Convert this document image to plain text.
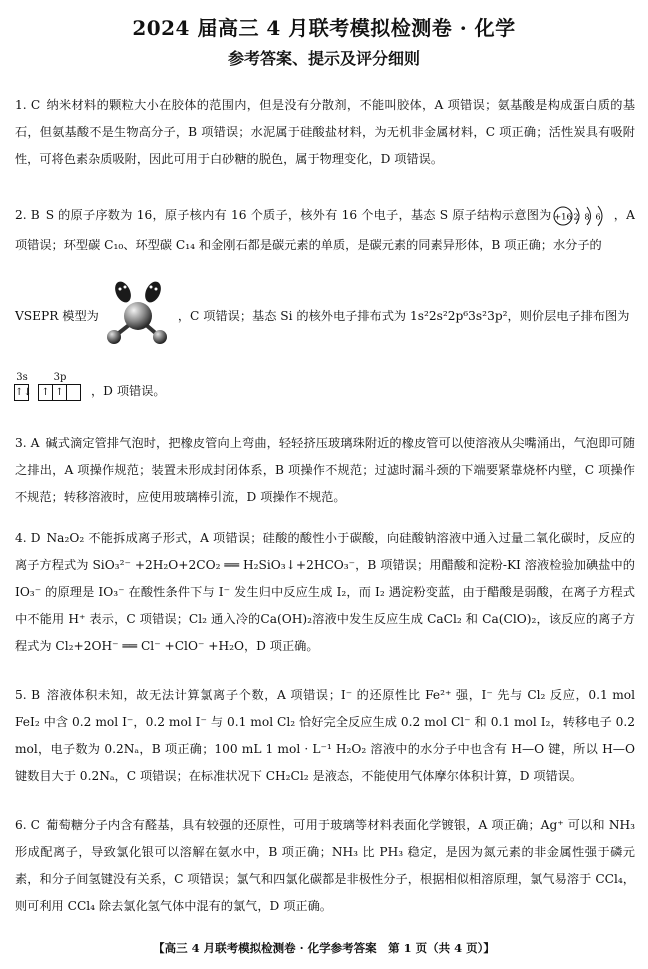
2024 届高三 4 月联考模拟检测卷 · 化学
参考答案、提示及评分细则

1. C 纳米材料的颗粒大小在胶体的范围内，但是没有分散剂，不能叫胶体，A 项错误；氨基酸是构成蛋白质的基石，但氨基酸不是生物高分子，B 项错误；水泥属于硅酸盐材料，为无机非金属材料，C 项正确；活性炭具有吸附性，可将色素杂质吸附，因此可用于白砂糖的脱色，属于物理变化，D 项错误。

2. B S 的原子序数为 16，原子核内有 16 个质子，核外有 16 个电子，基态 S 原子结构示意图为 +16 2 8 6 ，A 项错误；环型碳 C₁₀、环型碳 C₁₄ 和金刚石都是碳元素的单质，是碳元素的同素异形体，B 项正确；水分子的

VSEPR 模型为	，C 项错误；基态 Si 的核外电子排布式为 1s²2s²2p⁶3s²3p²，则价层电子排布图为

3s
↑↓
3p
↑ ↑ ，D 项错误。

3. A 碱式滴定管排气泡时，把橡皮管向上弯曲，轻轻挤压玻璃珠附近的橡皮管可以使溶液从尖嘴涌出，气泡即可随之排出，A 项操作规范；装置未形成封闭体系，B 项操作不规范；过滤时漏斗颈的下端要紧靠烧杯内壁，C 项操作不规范；转移溶液时，应使用玻璃棒引流，D 项操作不规范。

4. D Na₂O₂ 不能拆成离子形式，A 项错误；硅酸的酸性小于碳酸，向硅酸钠溶液中通入过量二氧化碳时，反应的离子方程式为 SiO₃²⁻ +2H₂O+2CO₂ ══ H₂SiO₃↓+2HCO₃⁻，B 项错误；用醋酸和淀粉-KI 溶液检验加碘盐中的 IO₃⁻ 的原理是 IO₃⁻ 在酸性条件下与 I⁻ 发生归中反应生成 I₂，而 I₂ 遇淀粉变蓝，由于醋酸是弱酸，在离子方程式中不能用 H⁺ 表示，C 项错误；Cl₂ 通入冷的Ca(OH)₂溶液中发生反应生成 CaCl₂ 和 Ca(ClO)₂，该反应的离子方程式为 Cl₂+2OH⁻ ══ Cl⁻ +ClO⁻ +H₂O，D 项正确。

5. B 溶液体积未知，故无法计算氯离子个数，A 项错误；I⁻ 的还原性比 Fe²⁺ 强，I⁻ 先与 Cl₂ 反应，0.1 mol FeI₂ 中含 0.2 mol I⁻，0.2 mol I⁻ 与 0.1 mol Cl₂ 恰好完全反应生成 0.2 mol Cl⁻ 和 0.1 mol I₂，转移电子 0.2 mol，电子数为 0.2Nₐ，B 项正确；100 mL 1 mol · L⁻¹ H₂O₂ 溶液中的水分子中也含有 H—O 键，所以 H—O 键数目大于 0.2Nₐ，C 项错误；在标准状况下 CH₂Cl₂ 是液态，不能使用气体摩尔体积计算，D 项错误。

6. C 葡萄糖分子内含有醛基，具有较强的还原性，可用于玻璃等材料表面化学镀银，A 项正确；Ag⁺ 可以和 NH₃ 形成配离子，导致氯化银可以溶解在氨水中，B 项正确；NH₃ 比 PH₃ 稳定，是因为氮元素的非金属性强于磷元素，和分子间氢键没有关系，C 项错误；氯气和四氯化碳都是非极性分子，根据相似相溶原理，氯气易溶于 CCl₄，则可利用 CCl₄ 除去氯化氢气体中混有的氯气，D 项正确。

【高三 4 月联考模拟检测卷 · 化学参考答案　第 1 页（共 4 页）】
